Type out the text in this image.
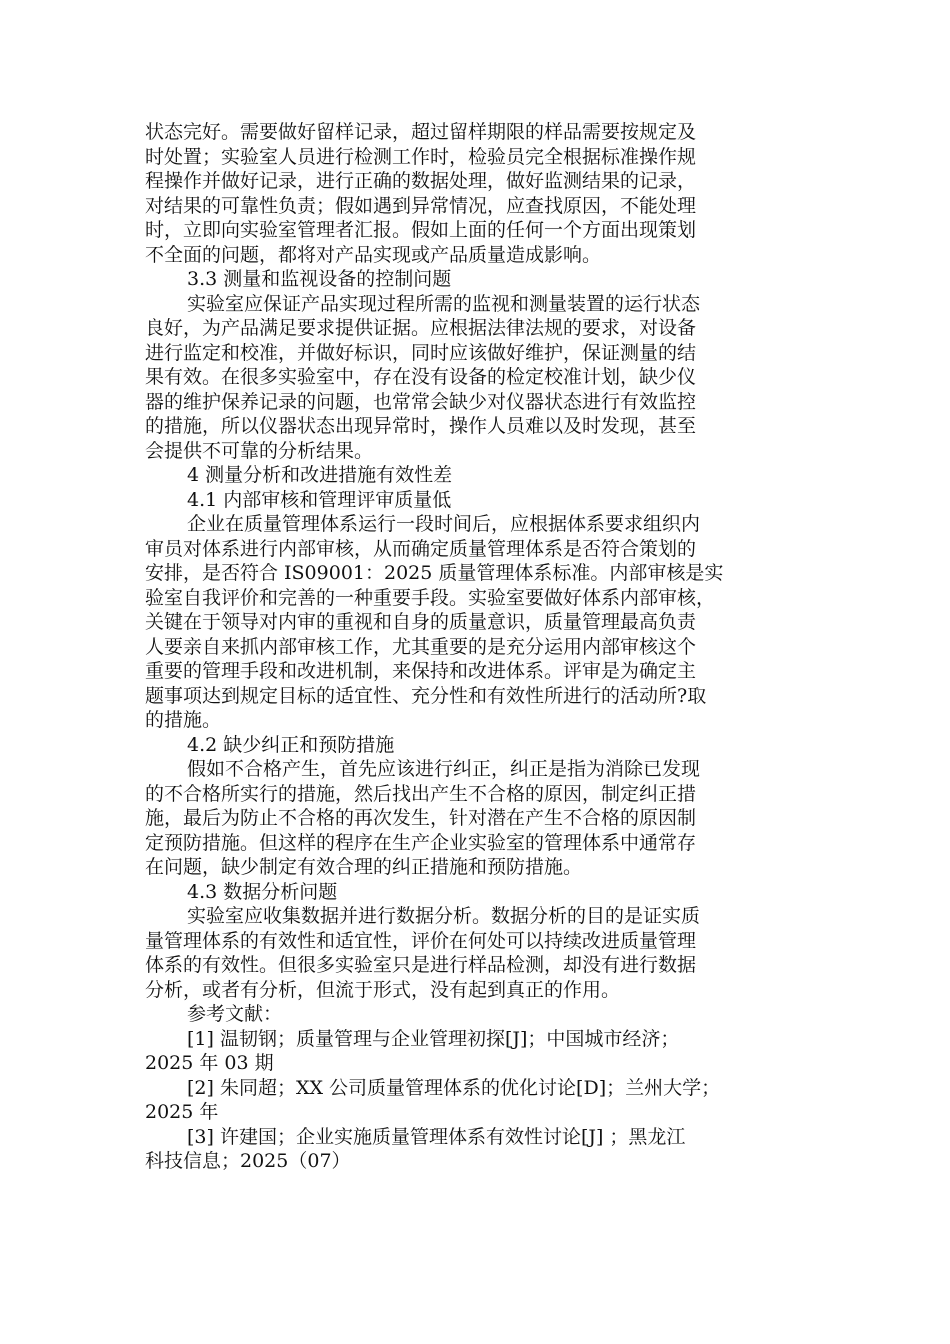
状态完好。需要做好留样记录，超过留样期限的样品需要按规定及
时处置；实验室人员进行检测工作时，检验员完全根据标准操作规
程操作并做好记录，进行正确的数据处理，做好监测结果的记录，
对结果的可靠性负责；假如遇到异常情况，应查找原因，不能处理
时，立即向实验室管理者汇报。假如上面的任何一个方面出现策划
不全面的问题，都将对产品实现或产品质量造成影响。
3.3 测量和监视设备的控制问题
实验室应保证产品实现过程所需的监视和测量装置的运行状态
良好，为产品满足要求提供证据。应根据法律法规的要求，对设备
进行监定和校准，并做好标识，同时应该做好维护，保证测量的结
果有效。在很多实验室中，存在没有设备的检定校准计划，缺少仪
器的维护保养记录的问题，也常常会缺少对仪器状态进行有效监控
的措施，所以仪器状态出现异常时，操作人员难以及时发现，甚至
会提供不可靠的分析结果。
4 测量分析和改进措施有效性差
4.1 内部审核和管理评审质量低
企业在质量管理体系运行一段时间后，应根据体系要求组织内
审员对体系进行内部审核，从而确定质量管理体系是否符合策划的
安排，是否符合 IS09001：2025 质量管理体系标准。内部审核是实
验室自我评价和完善的一种重要手段。实验室要做好体系内部审核，
关键在于领导对内审的重视和自身的质量意识，质量管理最高负责
人要亲自来抓内部审核工作，尤其重要的是充分运用内部审核这个
重要的管理手段和改进机制，来保持和改进体系。评审是为确定主
题事项达到规定目标的适宜性、充分性和有效性所进行的活动所?取
的措施。
4.2 缺少纠正和预防措施
假如不合格产生，首先应该进行纠正，纠正是指为消除已发现
的不合格所实行的措施，然后找出产生不合格的原因，制定纠正措
施，最后为防止不合格的再次发生，针对潜在产生不合格的原因制
定预防措施。但这样的程序在生产企业实验室的管理体系中通常存
在问题，缺少制定有效合理的纠正措施和预防措施。
4.3 数据分析问题
实验室应收集数据并进行数据分析。数据分析的目的是证实质
量管理体系的有效性和适宜性，评价在何处可以持续改进质量管理
体系的有效性。但很多实验室只是进行样品检测，却没有进行数据
分析，或者有分析，但流于形式，没有起到真正的作用。
参考文献：
[1] 温韧钢；质量管理与企业管理初探[J]；中国城市经济；
2025 年 03 期
[2] 朱同超；XX 公司质量管理体系的优化讨论[D]；兰州大学；
2025 年
[3] 许建国；企业实施质量管理体系有效性讨论[J] ；黑龙江
科技信息；2025（07）
